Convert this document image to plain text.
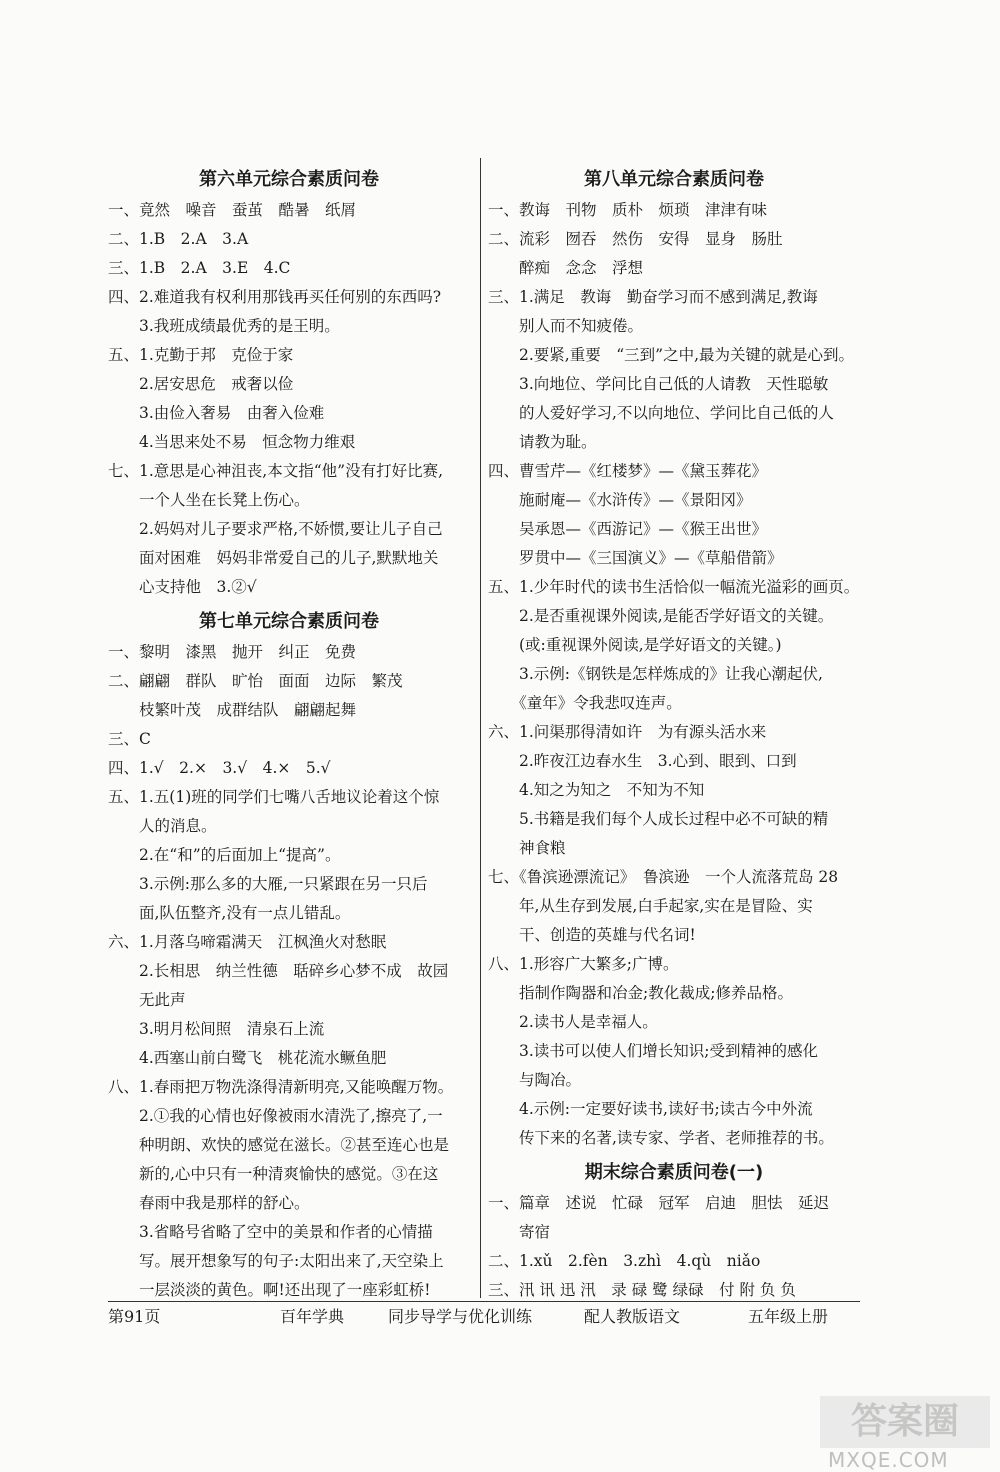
第六单元综合素质问卷
一、竟然　噪音　蚕茧　酷暑　纸屑
二、1.B　2.A　3.A
三、1.B　2.A　3.E　4.C
四、2.难道我有权利用那钱再买任何别的东西吗?
　　3.我班成绩最优秀的是王明。
五、1.克勤于邦　克俭于家
　　2.居安思危　戒奢以俭
　　3.由俭入奢易　由奢入俭难
　　4.当思来处不易　恒念物力维艰
七、1.意思是心神沮丧,本文指“他”没有打好比赛,
　　一个人坐在长凳上伤心。
　　2.妈妈对儿子要求严格,不娇惯,要让儿子自己
　　面对困难　妈妈非常爱自己的儿子,默默地关
　　心支持他　3.②√
第七单元综合素质问卷
一、黎明　漆黑　抛开　纠正　免费
二、翩翩　群队　旷怡　面面　边际　繁茂
　　枝繁叶茂　成群结队　翩翩起舞
三、C
四、1.√　2.×　3.√　4.×　5.√
五、1.五(1)班的同学们七嘴八舌地议论着这个惊
　　人的消息。
　　2.在“和”的后面加上“提高”。
　　3.示例:那么多的大雁,一只紧跟在另一只后
　　面,队伍整齐,没有一点儿错乱。
六、1.月落乌啼霜满天　江枫渔火对愁眠
　　2.长相思　纳兰性德　聒碎乡心梦不成　故园
　　无此声
　　3.明月松间照　清泉石上流
　　4.西塞山前白鹭飞　桃花流水鳜鱼肥
八、1.春雨把万物洗涤得清新明亮,又能唤醒万物。
　　2.①我的心情也好像被雨水清洗了,擦亮了,一
　　种明朗、欢快的感觉在滋长。②甚至连心也是
　　新的,心中只有一种清爽愉快的感觉。③在这
　　春雨中我是那样的舒心。
　　3.省略号省略了空中的美景和作者的心情描
　　写。展开想象写的句子:太阳出来了,天空染上
　　一层淡淡的黄色。啊!还出现了一座彩虹桥!
第八单元综合素质问卷
一、教诲　刊物　质朴　烦琐　津津有味
二、流彩　囫吞　然伤　安得　显身　肠肚
　　醉痴　念念　浮想
三、1.满足　教诲　勤奋学习而不感到满足,教诲
　　别人而不知疲倦。
　　2.要紧,重要　“三到”之中,最为关键的就是心到。
　　3.向地位、学问比自己低的人请教　天性聪敏
　　的人爱好学习,不以向地位、学问比自己低的人
　　请教为耻。
四、曹雪芹—《红楼梦》—《黛玉葬花》
　　施耐庵—《水浒传》—《景阳冈》
　　吴承恩—《西游记》—《猴王出世》
　　罗贯中—《三国演义》—《草船借箭》
五、1.少年时代的读书生活恰似一幅流光溢彩的画页。
　　2.是否重视课外阅读,是能否学好语文的关键。
　　(或:重视课外阅读,是学好语文的关键。)
　　3.示例:《钢铁是怎样炼成的》让我心潮起伏,
　　《童年》令我悲叹连声。
六、1.问渠那得清如许　为有源头活水来
　　2.昨夜江边春水生　3.心到、眼到、口到
　　4.知之为知之　不知为不知
　　5.书籍是我们每个人成长过程中必不可缺的精
　　神食粮
七、《鲁滨逊漂流记》　鲁滨逊　一个人流落荒岛 28
　　年,从生存到发展,白手起家,实在是冒险、实
　　干、创造的英雄与代名词!
八、1.形容广大繁多;广博。
　　指制作陶器和冶金;教化裁成;修养品格。
　　2.读书人是幸福人。
　　3.读书可以使人们增长知识;受到精神的感化
　　与陶冶。
　　4.示例:一定要好读书,读好书;读古今中外流
　　传下来的名著,读专家、学者、老师推荐的书。
期末综合素质问卷(一)
一、篇章　述说　忙碌　冠军　启迪　胆怯　延迟
　　寄宿
二、1.xǔ　2.fèn　3.zhì　4.qù　niǎo
三、汛 讯 迅 汛　录 碌 鹭 绿碌　付 附 负 负
第91页	百年学典	同步导学与优化训练	配人教版语文	五年级上册
答案圈
MXQE.COM
